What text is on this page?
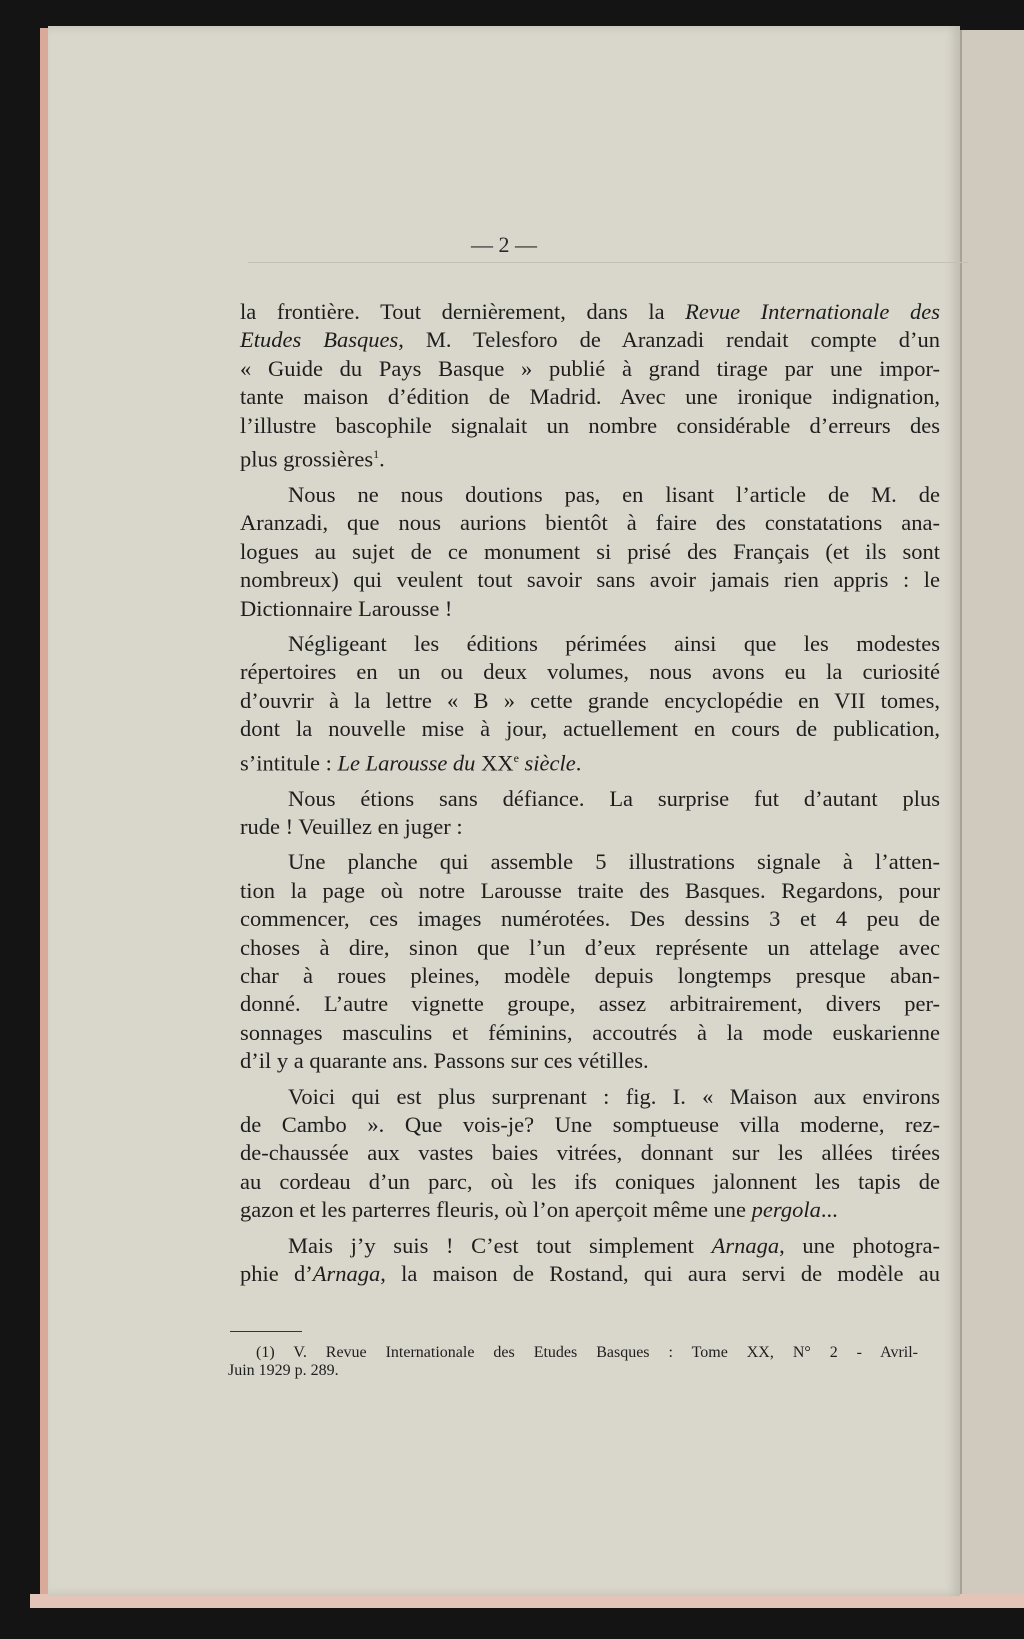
— 2 —
la frontière. Tout dernièrement, dans la Revue Internationale des
Etudes Basques, M. Telesforo de Aranzadi rendait compte d’un
« Guide du Pays Basque » publié à grand tirage par une impor-
tante maison d’édition de Madrid. Avec une ironique indignation,
l’illustre bascophile signalait un nombre considérable d’erreurs des
plus grossières$^1$.
Nous ne nous doutions pas, en lisant l’article de M. de
Aranzadi, que nous aurions bientôt à faire des constatations ana-
logues au sujet de ce monument si prisé des Français (et ils sont
nombreux) qui veulent tout savoir sans avoir jamais rien appris : le
Dictionnaire Larousse !
Négligeant les éditions périmées ainsi que les modestes
répertoires en un ou deux volumes, nous avons eu la curiosité
d’ouvrir à la lettre « B » cette grande encyclopédie en VII tomes,
dont la nouvelle mise à jour, actuellement en cours de publication,
s’intitule : Le Larousse du XXe siècle.
Nous étions sans défiance. La surprise fut d’autant plus
rude ! Veuillez en juger :
Une planche qui assemble 5 illustrations signale à l’atten-
tion la page où notre Larousse traite des Basques. Regardons, pour
commencer, ces images numérotées. Des dessins 3 et 4 peu de
choses à dire, sinon que l’un d’eux représente un attelage avec
char à roues pleines, modèle depuis longtemps presque aban-
donné. L’autre vignette groupe, assez arbitrairement, divers per-
sonnages masculins et féminins, accoutrés à la mode euskarienne
d’il y a quarante ans. Passons sur ces vétilles.
Voici qui est plus surprenant : fig. I. « Maison aux environs
de Cambo ». Que vois-je? Une somptueuse villa moderne, rez-
de-chaussée aux vastes baies vitrées, donnant sur les allées tirées
au cordeau d’un parc, où les ifs coniques jalonnent les tapis de
gazon et les parterres fleuris, où l’on aperçoit même une pergola...
Mais j’y suis ! C’est tout simplement Arnaga, une photogra-
phie d’Arnaga, la maison de Rostand, qui aura servi de modèle au
(1) V. Revue Internationale des Etudes Basques : Tome XX, N° 2 - Avril-
Juin 1929 p. 289.
